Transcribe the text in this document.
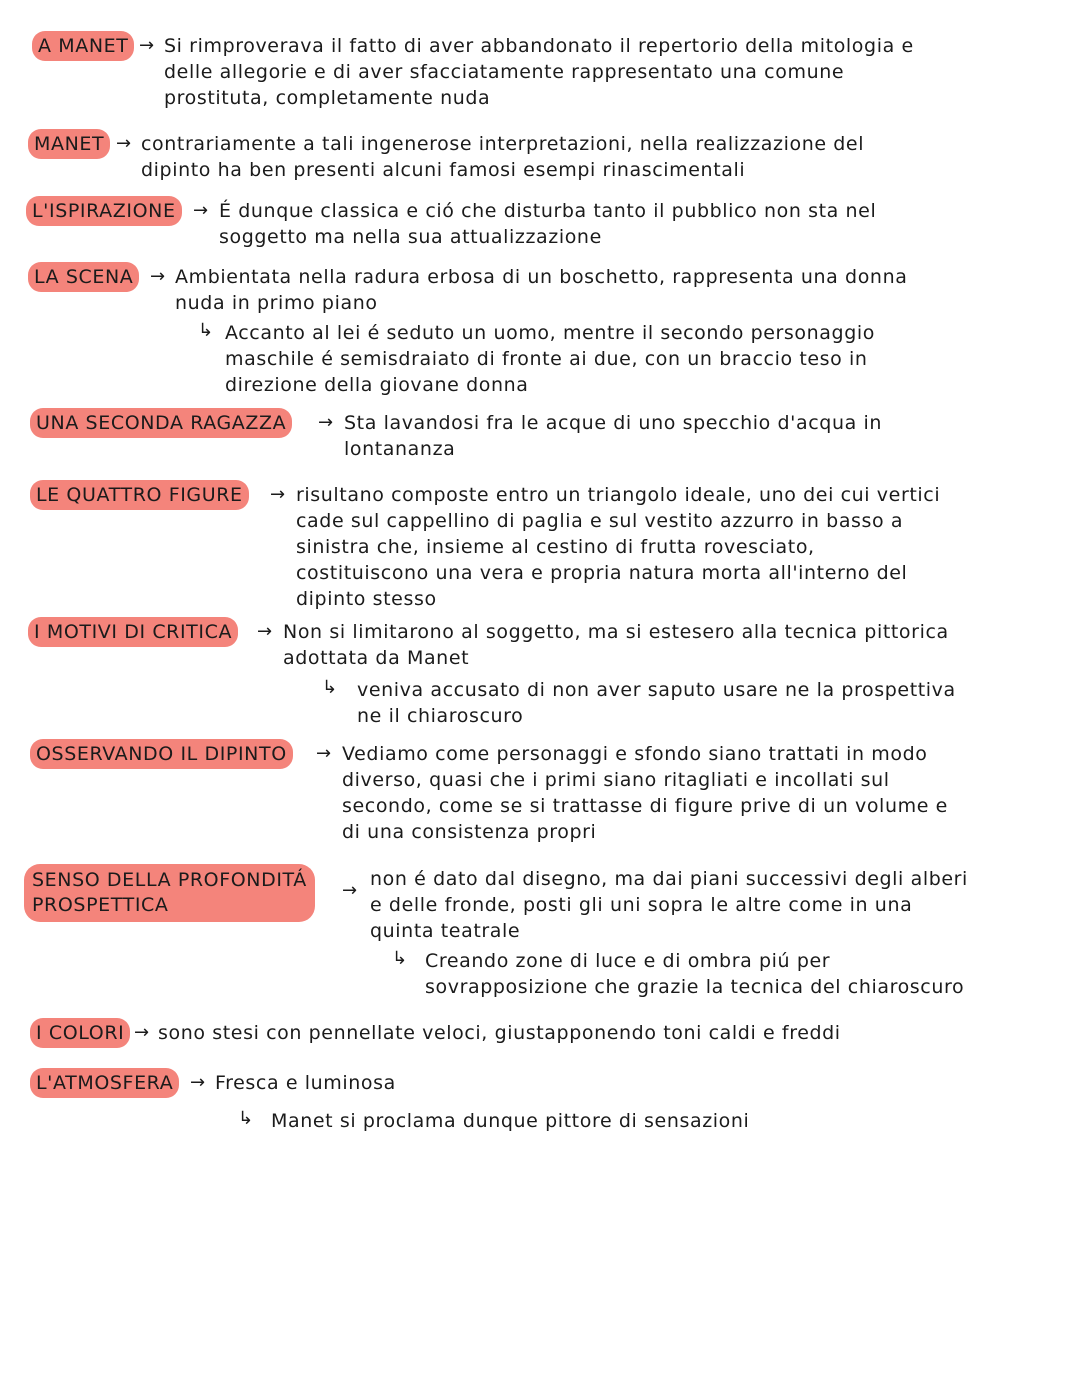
A MANET → Si rimproverava il fatto di aver abbandonato il repertorio della mitologia e
delle allegorie e di aver sfacciatamente rappresentato una comune
prostituta, completamente nuda
MANET → contrariamente a tali ingenerose interpretazioni, nella realizzazione del
dipinto ha ben presenti alcuni famosi esempi rinascimentali
L'ISPIRAZIONE → É dunque classica e ció che disturba tanto il pubblico non sta nel
soggetto ma nella sua attualizzazione
LA SCENA → Ambientata nella radura erbosa di un boschetto, rappresenta una donna
nuda in primo piano
↳ Accanto al lei é seduto un uomo, mentre il secondo personaggio
maschile é semisdraiato di fronte ai due, con un braccio teso in
direzione della giovane donna
UNA SECONDA RAGAZZA	→ Sta lavandosi fra le acque di uno specchio d'acqua in
lontananza
LE QUATTRO FIGURE	→ risultano composte entro un triangolo ideale, uno dei cui vertici
cade sul cappellino di paglia e sul vestito azzurro in basso a
sinistra che, insieme al cestino di frutta rovesciato,
costituiscono una vera e propria natura morta all'interno del
dipinto stesso
I MOTIVI DI CRITICA	→ Non si limitarono al soggetto, ma si estesero alla tecnica pittorica
adottata da Manet
↳ veniva accusato di non aver saputo usare ne la prospettiva
ne il chiaroscuro
OSSERVANDO IL DIPINTO	→ Vediamo come personaggi e sfondo siano trattati in modo
diverso, quasi che i primi siano ritagliati e incollati sul
secondo, come se si trattasse di figure prive di un volume e
di una consistenza propri
SENSO DELLA PROFONDITÁ
PROSPETTICA
→
non é dato dal disegno, ma dai piani successivi degli alberi
e delle fronde, posti gli uni sopra le altre come in una
quinta teatrale
↳ Creando zone di luce e di ombra piú per
sovrapposizione che grazie la tecnica del chiaroscuro
I COLORI → sono stesi con pennellate veloci, giustapponendo toni caldi e freddi
L'ATMOSFERA → Fresca e luminosa
↳ Manet si proclama dunque pittore di sensazioni
